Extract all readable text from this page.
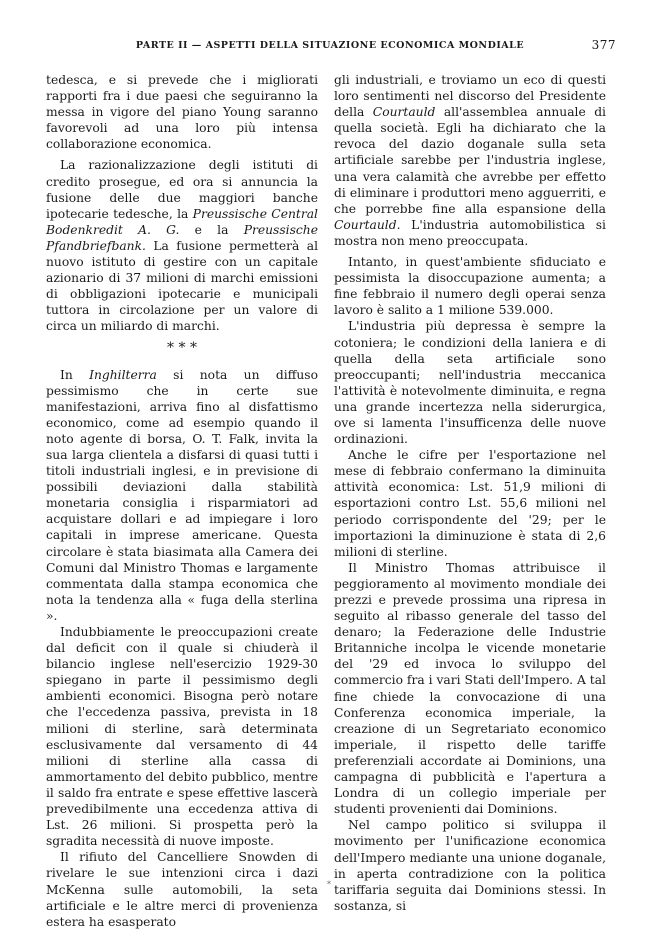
PARTE II — ASPETTI DELLA SITUAZIONE ECONOMICA MONDIALE	377

tedesca, e si prevede che i migliorati rapporti fra i due paesi che seguiranno la messa in vigore del piano Young saranno favorevoli ad una loro più intensa collaborazione economica.

La razionalizzazione degli istituti di credito prosegue, ed ora si annuncia la fusione delle due maggiori banche ipotecarie tedesche, la Preussische Central Bodenkredit A. G. e la Preussische Pfandbriefbank. La fusione permetterà al nuovo istituto di gestire con un capitale azionario di 37 milioni di marchi emissioni di obbligazioni ipotecarie e municipali tuttora in circolazione per un valore di circa un miliardo di marchi.

* * *

In Inghilterra si nota un diffuso pessimismo che in certe sue manifestazioni, arriva fino al disfattismo economico, come ad esempio quando il noto agente di borsa, O. T. Falk, invita la sua larga clientela a disfarsi di quasi tutti i titoli industriali inglesi, e in previsione di possibili deviazioni dalla stabilità monetaria consiglia i risparmiatori ad acquistare dollari e ad impiegare i loro capitali in imprese americane. Questa circolare è stata biasimata alla Camera dei Comuni dal Ministro Thomas e largamente commentata dalla stampa economica che nota la tendenza alla « fuga della sterlina ».

Indubbiamente le preoccupazioni create dal deficit con il quale si chiuderà il bilancio inglese nell'esercizio 1929-30 spiegano in parte il pessimismo degli ambienti economici. Bisogna però notare che l'eccedenza passiva, prevista in 18 milioni di sterline, sarà determinata esclusivamente dal versamento di 44 milioni di sterline alla cassa di ammortamento del debito pubblico, mentre il saldo fra entrate e spese effettive lascerà prevedibilmente una eccedenza attiva di Lst. 26 milioni. Si prospetta però la sgradita necessità di nuove imposte.

Il rifiuto del Cancelliere Snowden di rivelare le sue intenzioni circa i dazi McKenna sulle automobili, la seta artificiale e le altre merci di provenienza estera ha esasperato

gli industriali, e troviamo un eco di questi loro sentimenti nel discorso del Presidente della Courtauld all'assemblea annuale di quella società. Egli ha dichiarato che la revoca del dazio doganale sulla seta artificiale sarebbe per l'industria inglese, una vera calamità che avrebbe per effetto di eliminare i produttori meno agguerriti, e che porrebbe fine alla espansione della Courtauld. L'industria automobilistica si mostra non meno preoccupata.

Intanto, in quest'ambiente sfiduciato e pessimista la disoccupazione aumenta; a fine febbraio il numero degli operai senza lavoro è salito a 1 milione 539.000.

L'industria più depressa è sempre la cotoniera; le condizioni della laniera e di quella della seta artificiale sono preoccupanti; nell'industria meccanica l'attività è notevolmente diminuita, e regna una grande incertezza nella siderurgica, ove si lamenta l'insufficenza delle nuove ordinazioni.

Anche le cifre per l'esportazione nel mese di febbraio confermano la diminuita attività economica: Lst. 51,9 milioni di esportazioni contro Lst. 55,6 milioni nel periodo corrispondente del '29; per le importazioni la diminuzione è stata di 2,6 milioni di sterline.

Il Ministro Thomas attribuisce il peggioramento al movimento mondiale dei prezzi e prevede prossima una ripresa in seguito al ribasso generale del tasso del denaro; la Federazione delle Industrie Britanniche incolpa le vicende monetarie del '29 ed invoca lo sviluppo del commercio fra i vari Stati dell'Impero. A tal fine chiede la convocazione di una Conferenza economica imperiale, la creazione di un Segretariato economico imperiale, il rispetto delle tariffe preferenziali accordate ai Dominions, una campagna di pubblicità e l'apertura a Londra di un collegio imperiale per studenti provenienti dai Dominions.

Nel campo politico si sviluppa il movimento per l'unificazione economica dell'Impero mediante una unione doganale, in aperta contradizione con la politica tariffaria seguita dai Dominions stessi. In sostanza, si

*
